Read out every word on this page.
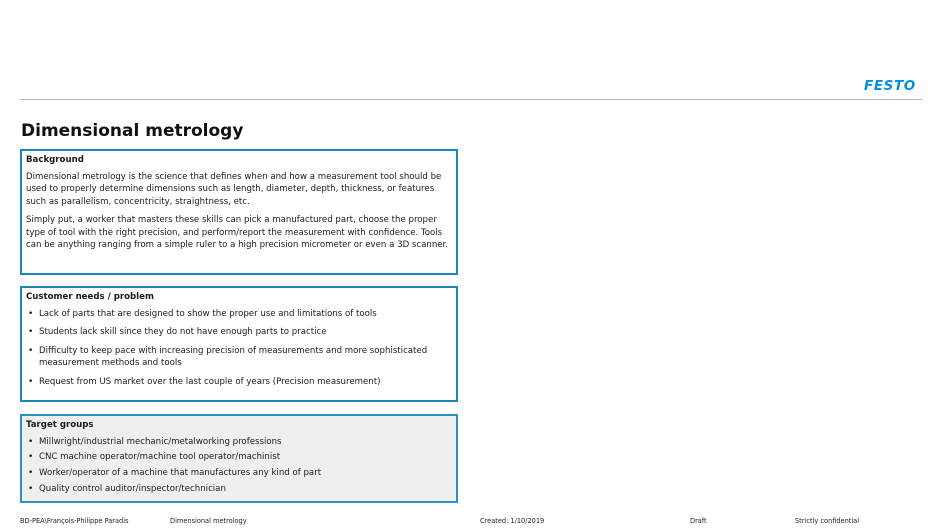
FESTO
Dimensional metrology
Background

Dimensional metrology is the science that defines when and how a measurement tool should be used to properly determine dimensions such as length, diameter, depth, thickness, or features such as parallelism, concentricity, straightness, etc.

Simply put, a worker that masters these skills can pick a manufactured part, choose the proper type of tool with the right precision, and perform/report the measurement with confidence. Tools can be anything ranging from a simple ruler to a high precision micrometer or even a 3D scanner.

Customer needs / problem
• Lack of parts that are designed to show the proper use and limitations of tools
• Students lack skill since they do not have enough parts to practice
• Difficulty to keep pace with increasing precision of measurements and more sophisticated measurement methods and tools
• Request from US market over the last couple of years (Precision measurement)
Target groups
• Millwright/industrial mechanic/metalworking professions
• CNC machine operator/machine tool operator/machinist
• Worker/operator of a machine that manufactures any kind of part
• Quality control auditor/inspector/technician
BD-PEA\François-Philippe Paradis	Dimensional metrology	Created: 1/10/2019	Draft	Strictly confidential
